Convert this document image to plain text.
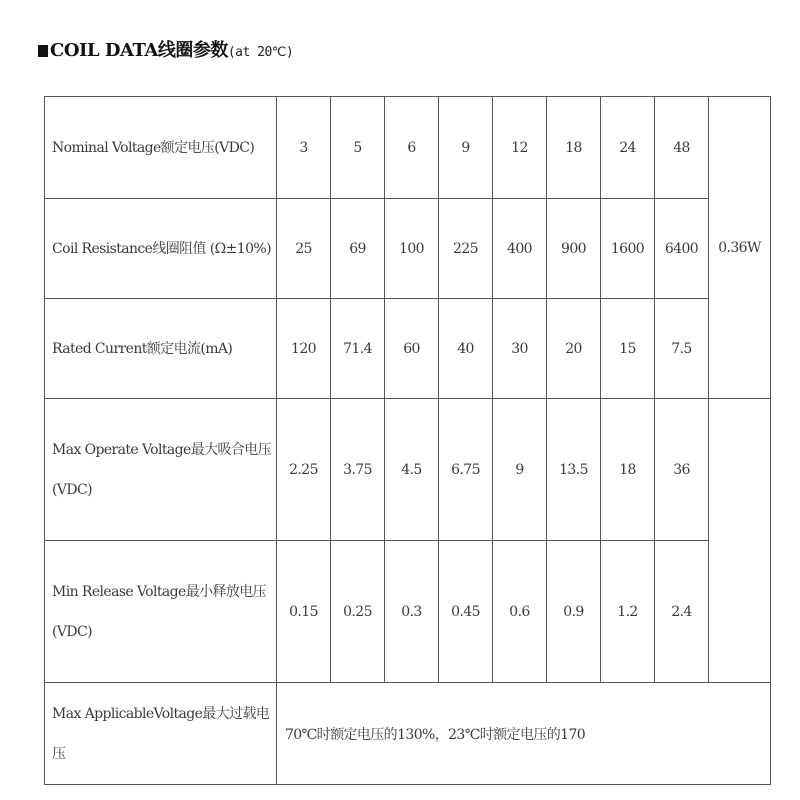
COIL DATA线圈参数(at 20℃)
Nominal Voltage额定电压(VDC)	3	5	6	9	12	18	24	48	0.36W
Coil Resistance线圈阻值 (Ω±10%)	25	69	100	225	400	900	1600	6400	
Rated Current额定电流(mA)	120	71.4	60	40	30	20	15	7.5	
Max Operate Voltage最大吸合电压(VDC)	2.25	3.75	4.5	6.75	9	13.5	18	36	
Min Release Voltage最小释放电压(VDC)	0.15	0.25	0.3	0.45	0.6	0.9	1.2	2.4	
Max ApplicableVoltage最大过载电压	70℃时额定电压的130%，23℃时额定电压的170								
